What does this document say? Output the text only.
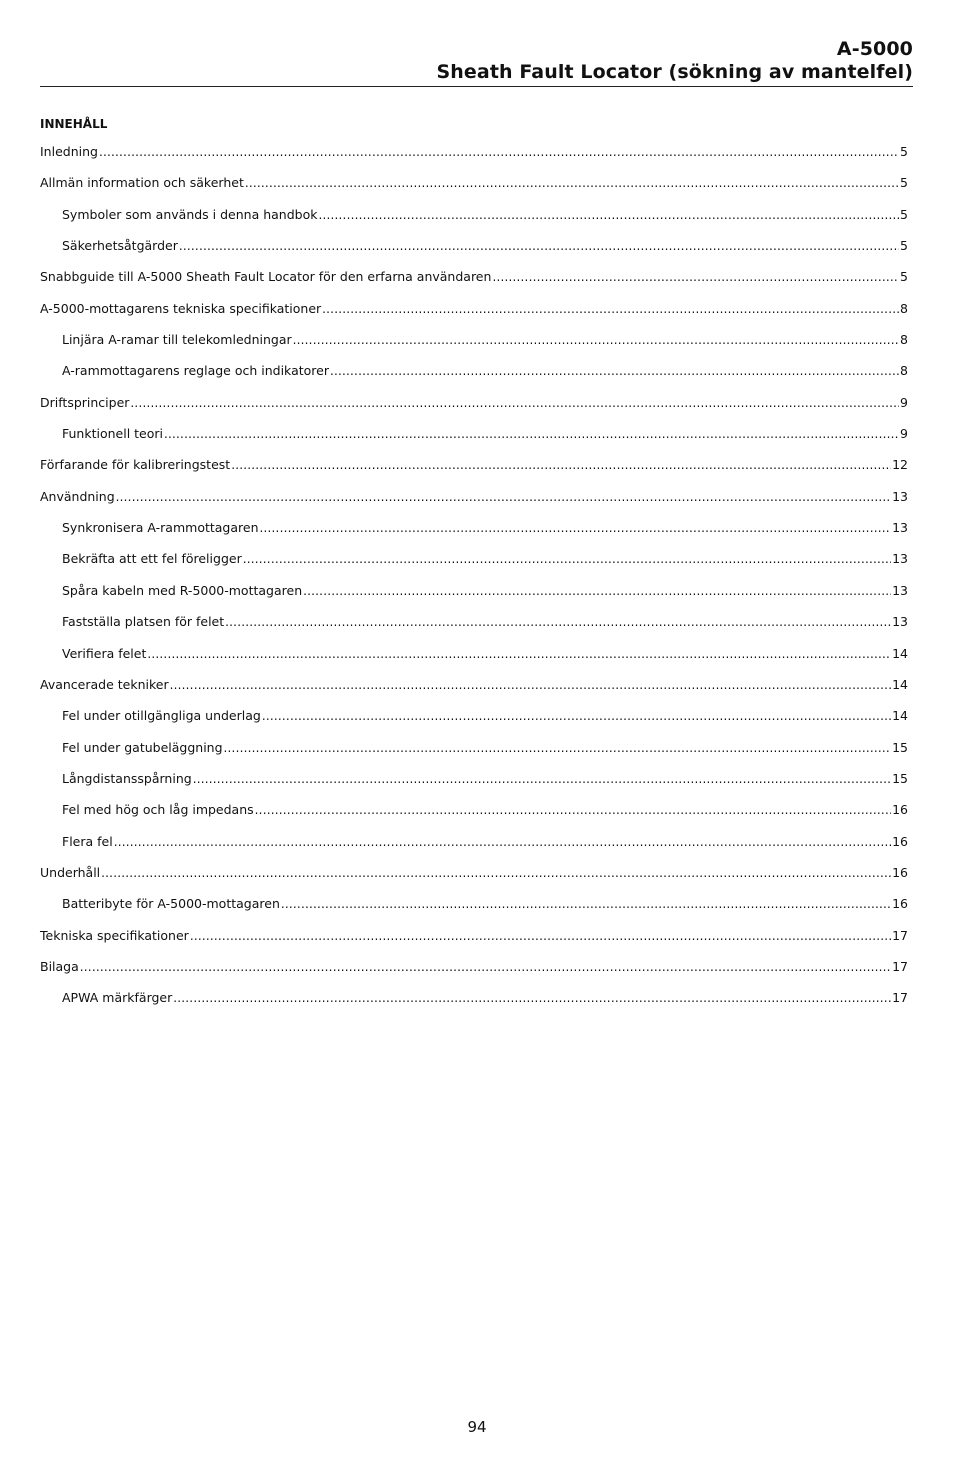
A-5000
Sheath Fault Locator (sökning av mantelfel)
INNEHÅLL
Inledning .....	5
Allmän information och säkerhet .....	5
Symboler som används i denna handbok .....	5
Säkerhetsåtgärder .....	5
Snabbguide till A-5000 Sheath Fault Locator för den erfarna användaren .....	5
A-5000-mottagarens tekniska specifikationer .....	8
Linjära A-ramar till telekomledningar .....	8
A-rammottagarens reglage och indikatorer .....	8
Driftsprinciper .....	9
Funktionell teori .....	9
Förfarande för kalibreringstest .....	12
Användning .....	13
Synkronisera A-rammottagaren .....	13
Bekräfta att ett fel föreligger .....	13
Spåra kabeln med R-5000-mottagaren .....	13
Fastställa platsen för felet .....	13
Verifiera felet .....	14
Avancerade tekniker .....	14
Fel under otillgängliga underlag .....	14
Fel under gatubeläggning .....	15
Långdistansspårning .....	15
Fel med hög och låg impedans .....	16
Flera fel .....	16
Underhåll .....	16
Batteribyte för A-5000-mottagaren .....	16
Tekniska specifikationer .....	17
Bilaga .....	17
APWA märkfärger .....	17
94
